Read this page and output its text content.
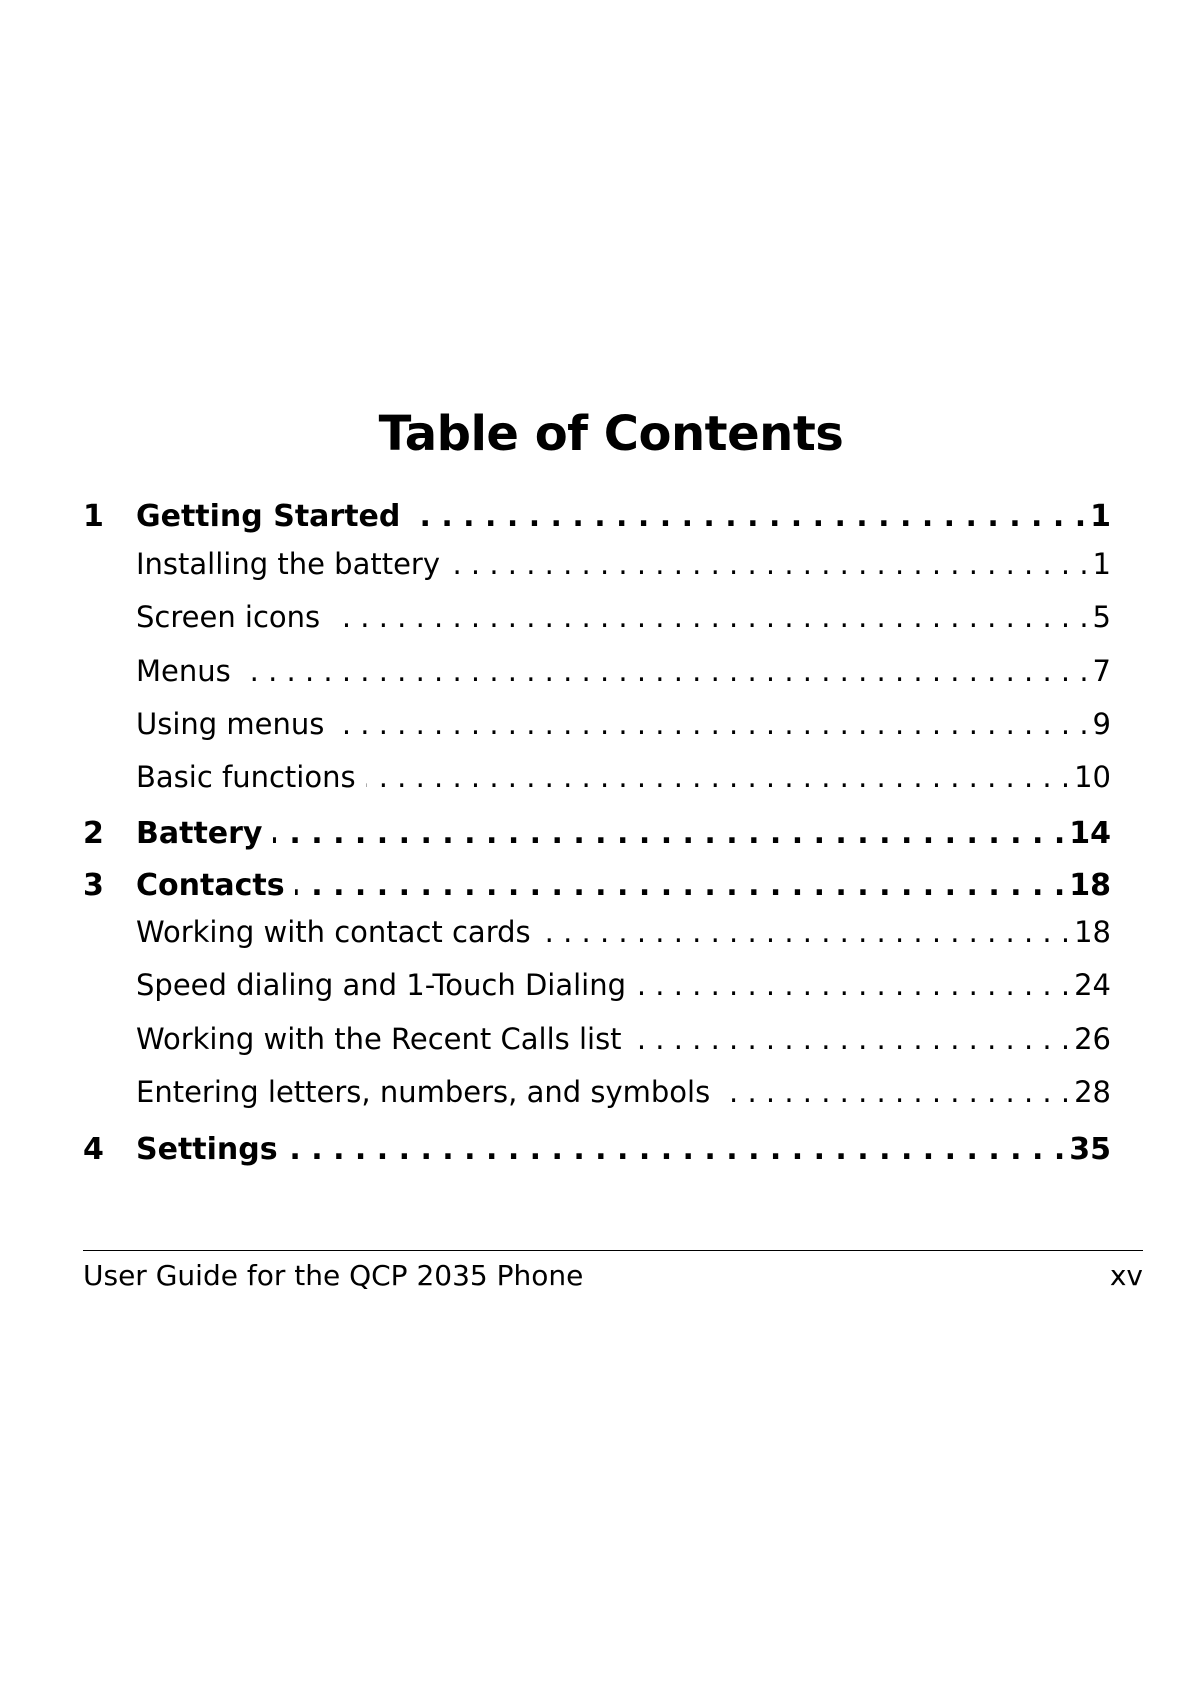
Table of Contents
1	Getting Started . . .	1
Installing the battery . . .	1
Screen icons . . .	5
Menus . . .	7
Using menus . . .	9
Basic functions . . .	10
2	Battery . . .	14
3	Contacts . . .	18
Working with contact cards . . .	18
Speed dialing and 1-Touch Dialing . . .	24
Working with the Recent Calls list . . .	26
Entering letters, numbers, and symbols . . .	28
4	Settings . . .	35
User Guide for the QCP 2035 Phone	xv
